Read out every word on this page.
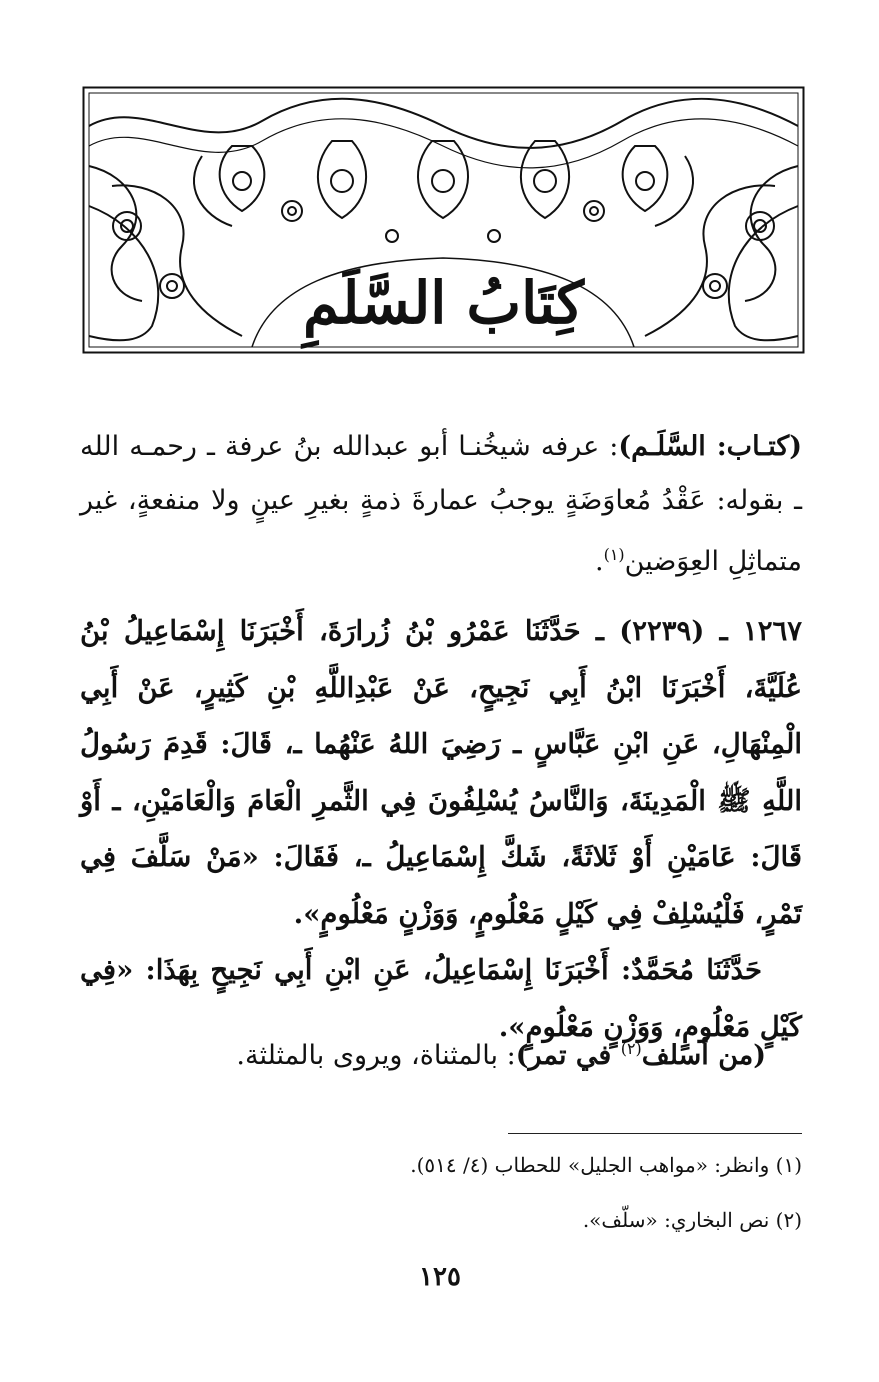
كِتَابُ السَّلَمِ
(كتـاب: السَّلَـم): عرفه شيخُنـا أبو عبدالله بنُ عرفة ـ رحمـه الله ـ بقوله: عَقْدُ مُعاوَضَةٍ يوجبُ عمارةَ ذمةٍ بغيرِ عينٍ ولا منفعةٍ، غير متماثِلِ العِوَضين$^{(١)}$.
١٢٦٧ ـ (٢٢٣٩) ـ حَدَّثَنَا عَمْرُو بْنُ زُرارَةَ، أَخْبَرَنَا إِسْمَاعِيلُ بْنُ عُلَيَّةَ، أَخْبَرَنَا ابْنُ أَبِي نَجِيحٍ، عَنْ عَبْدِاللَّهِ بْنِ كَثِيرٍ، عَنْ أَبِي الْمِنْهَالِ، عَنِ ابْنِ عَبَّاسٍ ـ رَضِيَ اللهُ عَنْهُما ـ، قَالَ: قَدِمَ رَسُولُ اللَّهِ ﷺ الْمَدِينَةَ، وَالنَّاسُ يُسْلِفُونَ فِي الثَّمرِ الْعَامَ وَالْعَامَيْنِ، ـ أَوْ قَالَ: عَامَيْنِ أَوْ ثَلاثَةً، شَكَّ إِسْمَاعِيلُ ـ، فَقَالَ: «مَنْ سَلَّفَ فِي تَمْرٍ، فَلْيُسْلِفْ فِي كَيْلٍ مَعْلُومٍ، وَوَزْنٍ مَعْلُومٍ».
حَدَّثَنَا مُحَمَّدٌ: أَخْبَرَنَا إِسْمَاعِيلُ، عَنِ ابْنِ أَبِي نَجِيحٍ بِهَذَا: «فِي كَيْلٍ مَعْلُومٍ، وَوَزْنٍ مَعْلُومٍ».
(من أسلف$^{(٢)}$ في تمر): بالمثناة، ويروى بالمثلثة.
(١) وانظر: «مواهب الجليل» للحطاب (٤/ ٥١٤).
(٢) نص البخاري: «سلّف».
١٢٥
